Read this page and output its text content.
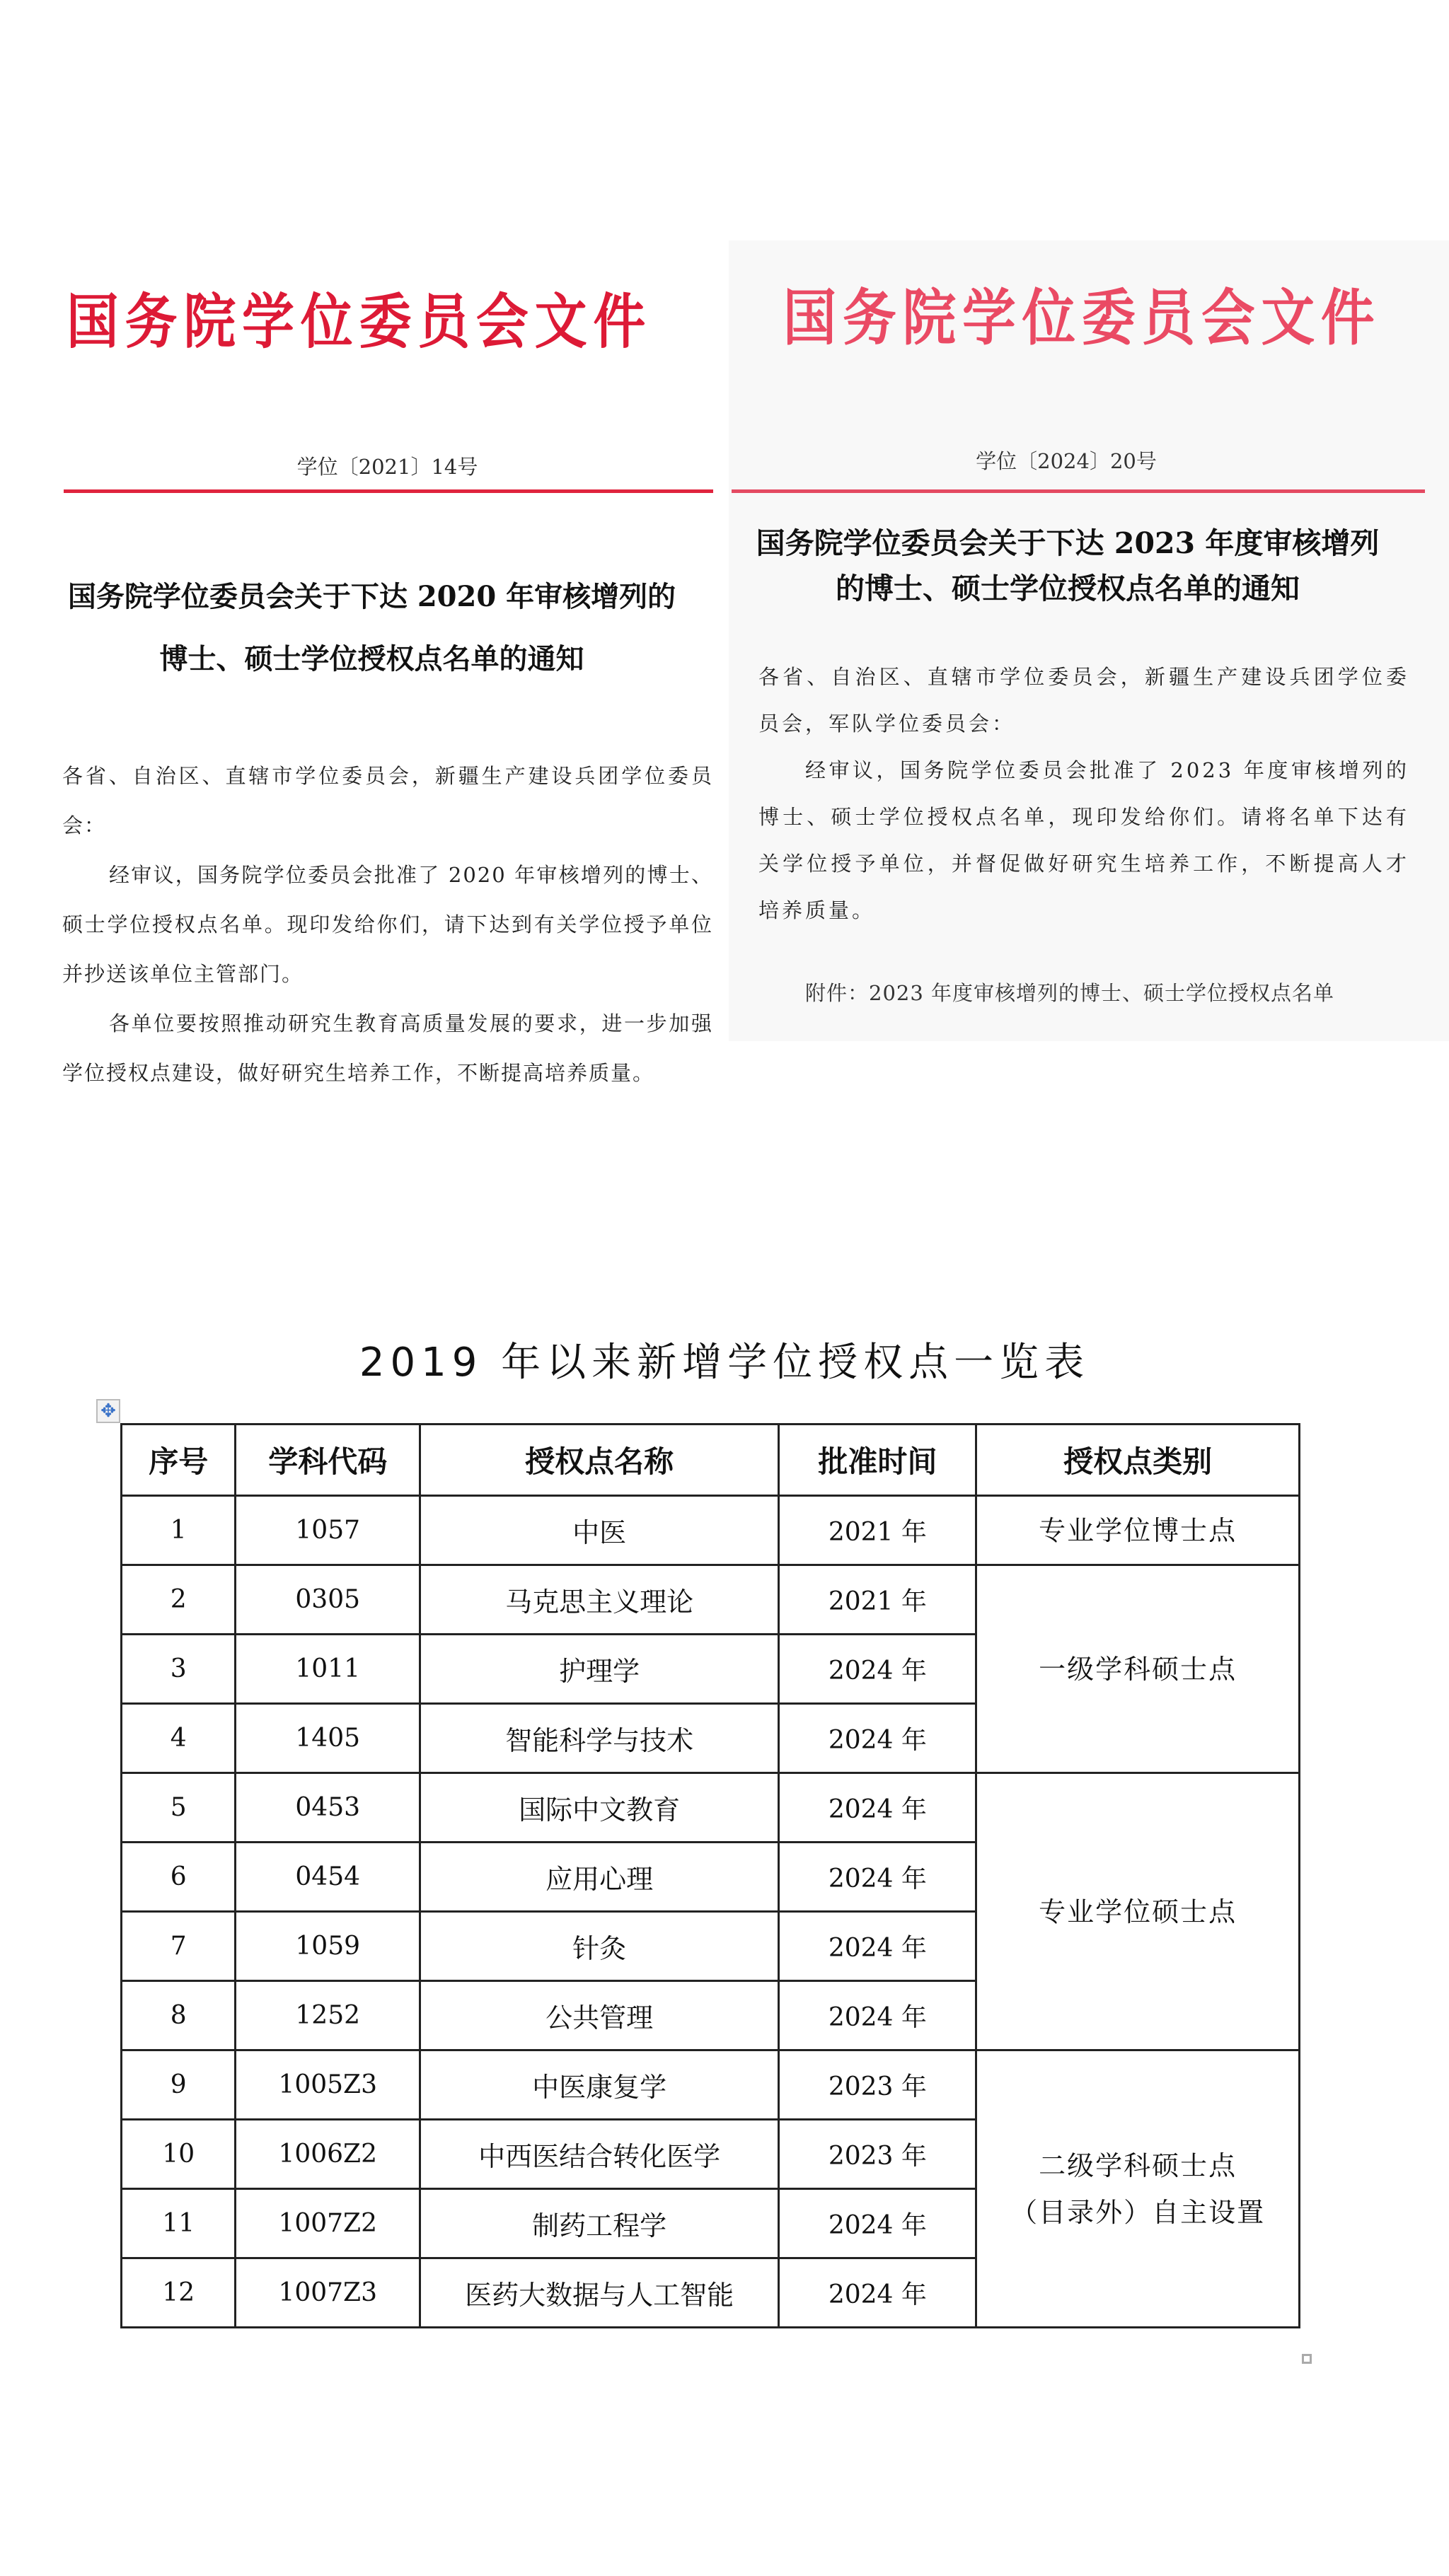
国务院学位委员会文件
学位〔2021〕14号
国务院学位委员会关于下达 2020 年审核增列的
博士、硕士学位授权点名单的通知

各省、自治区、直辖市学位委员会，新疆生产建设兵团学位委员会：

经审议，国务院学位委员会批准了 2020 年审核增列的博士、硕士学位授权点名单。现印发给你们，请下达到有关学位授予单位并抄送该单位主管部门。

各单位要按照推动研究生教育高质量发展的要求，进一步加强学位授权点建设，做好研究生培养工作，不断提高培养质量。

国务院学位委员会文件
学位〔2024〕20号
国务院学位委员会关于下达 2023 年度审核增列
的博士、硕士学位授权点名单的通知

各省、自治区、直辖市学位委员会，新疆生产建设兵团学位委员会，军队学位委员会：

经审议，国务院学位委员会批准了 2023 年度审核增列的博士、硕士学位授权点名单，现印发给你们。请将名单下达有关学位授予单位，并督促做好研究生培养工作，不断提高人才培养质量。

附件：2023 年度审核增列的博士、硕士学位授权点名单
2019 年以来新增学位授权点一览表
✥
序号	学科代码	授权点名称	批准时间	授权点类别
1	1057	中医	2021 年	专业学位博士点
2	0305	马克思主义理论	2021 年	一级学科硕士点
3	1011	护理学	2024 年	
4	1405	智能科学与技术	2024 年	
5	0453	国际中文教育	2024 年	专业学位硕士点
6	0454	应用心理	2024 年	
7	1059	针灸	2024 年	
8	1252	公共管理	2024 年	
9	1005Z3	中医康复学	2023 年	二级学科硕士点
（目录外）自主设置

10	1006Z2	中西医结合转化医学	2023 年	
11	1007Z2	制药工程学	2024 年	
12	1007Z3	医药大数据与人工智能	2024 年	
